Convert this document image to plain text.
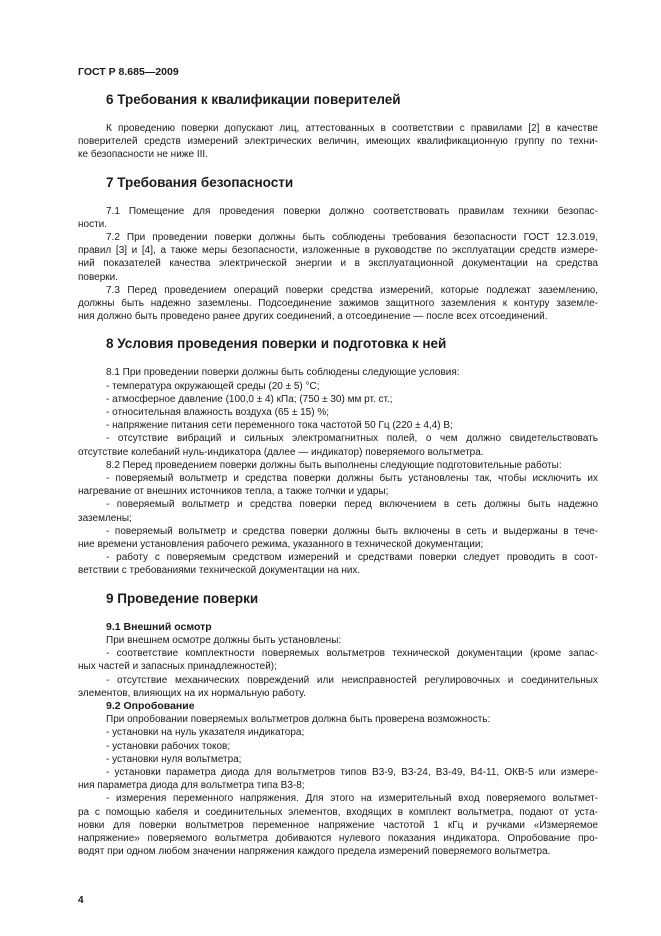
ГОСТ Р 8.685—2009
6 Требования к квалификации поверителей
К проведению поверки допускают лиц, аттестованных в соответствии с правилами [2] в качестве
поверителей средств измерений электрических величин, имеющих квалификационную группу по техни-
ке безопасности не ниже III.
7 Требования безопасности
7.1 Помещение для проведения поверки должно соответствовать правилам техники безопас-
ности.
7.2 При проведении поверки должны быть соблюдены требования безопасности ГОСТ 12.3.019,
правил [3] и [4], а также меры безопасности, изложенные в руководстве по эксплуатации средств измере-
ний показателей качества электрической энергии и в эксплуатационной документации на средства
поверки.
7.3 Перед проведением операций поверки средства измерений, которые подлежат заземлению,
должны быть надежно заземлены. Подсоединение зажимов защитного заземления к контуру заземле-
ния должно быть проведено ранее других соединений, а отсоединение — после всех отсоединений.
8 Условия проведения поверки и подготовка к ней
8.1 При проведении поверки должны быть соблюдены следующие условия:
- температура окружающей среды (20 ± 5) °С;
- атмосферное давление (100,0 ± 4) кПа; (750 ± 30) мм рт. ст.;
- относительная влажность воздуха (65 ± 15) %;
- напряжение питания сети переменного тока частотой 50 Гц (220 ± 4,4) В;
- отсутствие вибраций и сильных электромагнитных полей, о чем должно свидетельствовать
отсутствие колебаний нуль-индикатора (далее — индикатор) поверяемого вольтметра.
8.2 Перед проведением поверки должны быть выполнены следующие подготовительные работы:
- поверяемый вольтметр и средства поверки должны быть установлены так, чтобы исключить их
нагревание от внешних источников тепла, а также толчки и удары;
- поверяемый вольтметр и средства поверки перед включением в сеть должны быть надежно
заземлены;
- поверяемый вольтметр и средства поверки должны быть включены в сеть и выдержаны в тече-
ние времени установления рабочего режима, указанного в технической документации;
- работу с поверяемым средством измерений и средствами поверки следует проводить в соот-
ветствии с требованиями технической документации на них.
9 Проведение поверки
9.1 Внешний осмотр
При внешнем осмотре должны быть установлены:
- соответствие комплектности поверяемых вольтметров технической документации (кроме запас-
ных частей и запасных принадлежностей);
- отсутствие механических повреждений или неисправностей регулировочных и соединительных
элементов, влияющих на их нормальную работу.
9.2 Опробование
При опробовании поверяемых вольтметров должна быть проверена возможность:
- установки на нуль указателя индикатора;
- установки рабочих токов;
- установки нуля вольтметра;
- установки параметра диода для вольтметров типов В3-9, В3-24, В3-49, В4-11, ОКВ-5 или измере-
ния параметра диода для вольтметра типа В3-8;
- измерения переменного напряжения. Для этого на измерительный вход поверяемого вольтмет-
ра с помощью кабеля и соединительных элементов, входящих в комплект вольтметра, подают от уста-
новки для поверки вольтметров переменное напряжение частотой 1 кГц и ручками «Измеряемое
напряжение» поверяемого вольтметра добиваются нулевого показания индикатора. Опробование про-
водят при одном любом значении напряжения каждого предела измерений поверяемого вольтметра.
4
